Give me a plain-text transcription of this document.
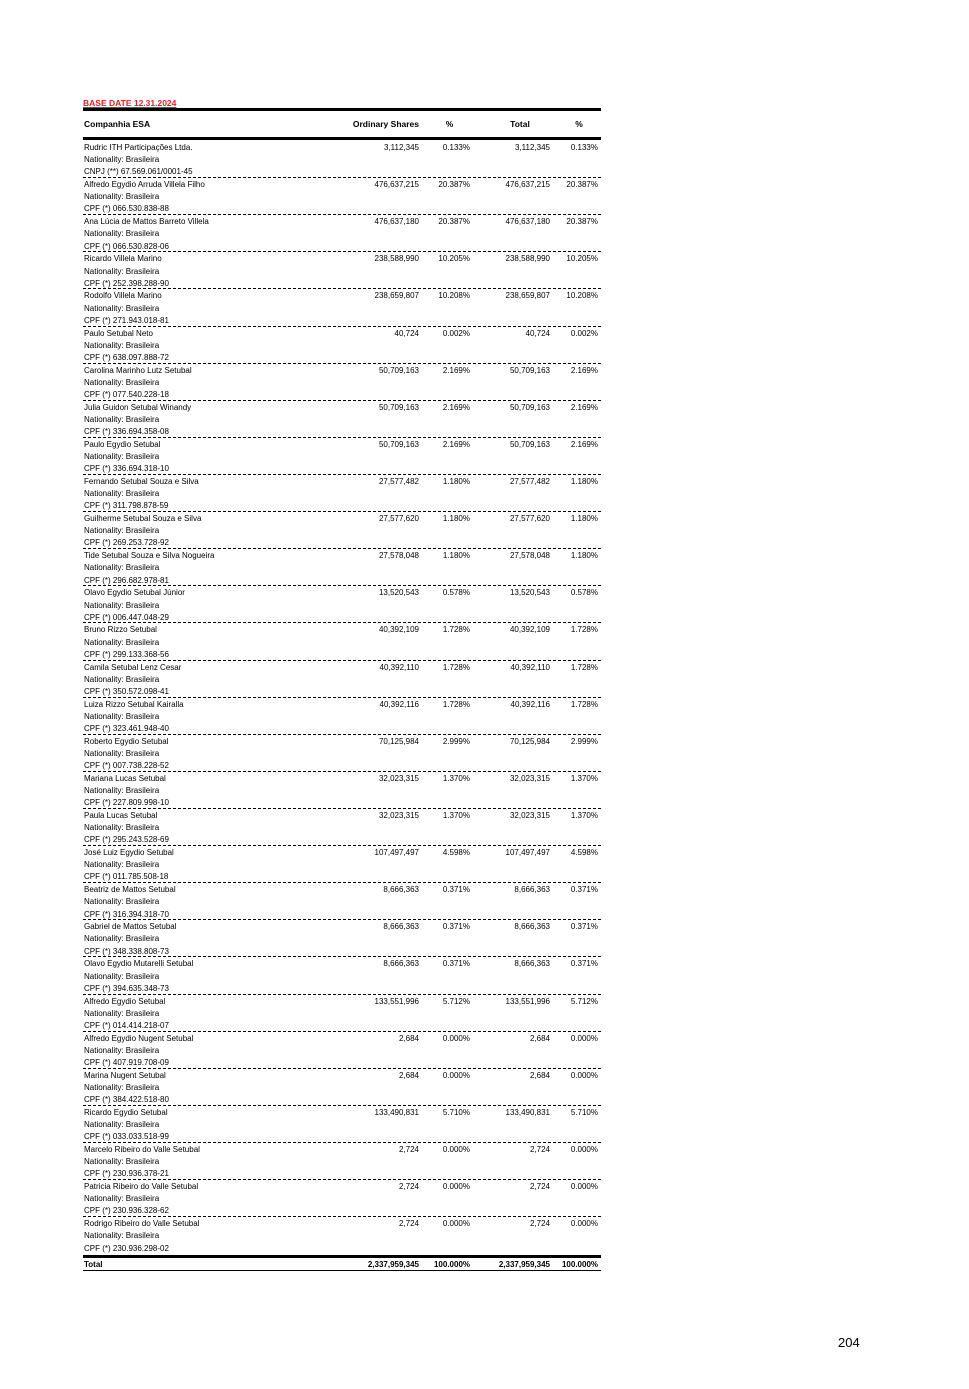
BASE DATE 12.31.2024
Companhia ESA	Ordinary Shares	%	Total	%
Rudric ITH Participações Ltda.	3,112,345	0.133%	3,112,345	0.133%
Nationality: Brasileira
CNPJ (**) 67.569.061/0001-45
Alfredo Egydio Arruda Villela Filho	476,637,215	20.387%	476,637,215	20.387%
Nationality: Brasileira
CPF (*) 066.530.838-88
Ana Lúcia de Mattos Barreto Villela	476,637,180	20.387%	476,637,180	20.387%
Nationality: Brasileira
CPF (*) 066.530.828-06
Ricardo Villela Marino	238,588,990	10.205%	238,588,990	10.205%
Nationality: Brasileira
CPF (*) 252.398.288-90
Rodolfo Villela Marino	238,659,807	10.208%	238,659,807	10.208%
Nationality: Brasileira
CPF (*) 271.943.018-81
Paulo Setubal Neto	40,724	0.002%	40,724	0.002%
Nationality: Brasileira
CPF (*) 638.097.888-72
Carolina Marinho Lutz Setubal	50,709,163	2.169%	50,709,163	2.169%
Nationality: Brasileira
CPF (*) 077.540.228-18
Julia Guidon Setubal Winandy	50,709,163	2.169%	50,709,163	2.169%
Nationality: Brasileira
CPF (*) 336.694.358-08
Paulo Egydio Setubal	50,709,163	2.169%	50,709,163	2.169%
Nationality: Brasileira
CPF (*) 336.694.318-10
Fernando Setubal Souza e Silva	27,577,482	1.180%	27,577,482	1.180%
Nationality: Brasileira
CPF (*) 311.798.878-59
Guilherme Setubal Souza e Silva	27,577,620	1.180%	27,577,620	1.180%
Nationality: Brasileira
CPF (*) 269.253.728-92
Tide Setubal Souza e Silva Nogueira	27,578,048	1.180%	27,578,048	1.180%
Nationality: Brasileira
CPF (*) 296.682.978-81
Olavo Egydio Setubal Júnior	13,520,543	0.578%	13,520,543	0.578%
Nationality: Brasileira
CPF (*) 006.447.048-29
Bruno Rizzo Setubal	40,392,109	1.728%	40,392,109	1.728%
Nationality: Brasileira
CPF (*) 299.133.368-56
Camila Setubal Lenz Cesar	40,392,110	1.728%	40,392,110	1.728%
Nationality: Brasileira
CPF (*) 350.572.098-41
Luiza Rizzo Setubal Kairalla	40,392,116	1.728%	40,392,116	1.728%
Nationality: Brasileira
CPF (*) 323.461.948-40
Roberto Egydio Setubal	70,125,984	2.999%	70,125,984	2.999%
Nationality: Brasileira
CPF (*) 007.738.228-52
Mariana Lucas Setubal	32,023,315	1.370%	32,023,315	1.370%
Nationality: Brasileira
CPF (*) 227.809.998-10
Paula Lucas Setubal	32,023,315	1.370%	32,023,315	1.370%
Nationality: Brasileira
CPF (*) 295.243.528-69
José Luiz Egydio Setubal	107,497,497	4.598%	107,497,497	4.598%
Nationality: Brasileira
CPF (*) 011.785.508-18
Beatriz de Mattos Setubal	8,666,363	0.371%	8,666,363	0.371%
Nationality: Brasileira
CPF (*) 316.394.318-70
Gabriel de Mattos Setubal	8,666,363	0.371%	8,666,363	0.371%
Nationality: Brasileira
CPF (*) 348.338.808-73
Olavo Egydio Mutarelli Setubal	8,666,363	0.371%	8,666,363	0.371%
Nationality: Brasileira
CPF (*) 394.635.348-73
Alfredo Egydio Setubal	133,551,996	5.712%	133,551,996	5.712%
Nationality: Brasileira
CPF (*) 014.414.218-07
Alfredo Egydio Nugent Setubal	2,684	0.000%	2,684	0.000%
Nationality: Brasileira
CPF (*) 407.919.708-09
Marina Nugent Setubal	2,684	0.000%	2,684	0.000%
Nationality: Brasileira
CPF (*) 384.422.518-80
Ricardo Egydio Setubal	133,490,831	5.710%	133,490,831	5.710%
Nationality: Brasileira
CPF (*) 033.033.518-99
Marcelo Ribeiro do Valle Setubal	2,724	0.000%	2,724	0.000%
Nationality: Brasileira
CPF (*) 230.936.378-21
Patricia Ribeiro do Valle Setubal	2,724	0.000%	2,724	0.000%
Nationality: Brasileira
CPF (*) 230.936.328-62
Rodrigo Ribeiro do Valle Setubal	2,724	0.000%	2,724	0.000%
Nationality: Brasileira
CPF (*) 230.936.298-02
Total	2,337,959,345	100.000%	2,337,959,345	100.000%
204
